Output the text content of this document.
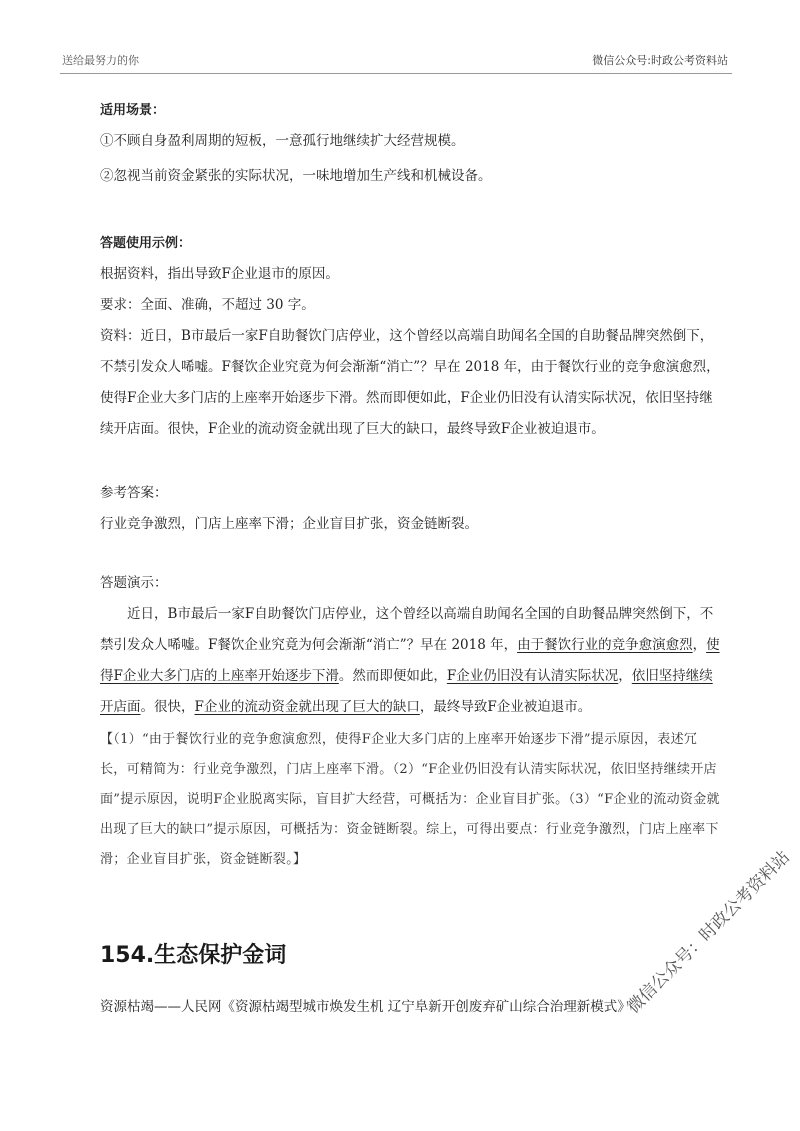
送给最努力的你	微信公众号:时政公考资料站

适用场景：

①不顾自身盈利周期的短板，一意孤行地继续扩大经营规模。

②忽视当前资金紧张的实际状况，一味地增加生产线和机械设备。

答题使用示例：

根据资料，指出导致F企业退市的原因。

要求：全面、准确，不超过 30 字。

资料：近日，B市最后一家F自助餐饮门店停业，这个曾经以高端自助闻名全国的自助餐品牌突然倒下，不禁引发众人唏嘘。F餐饮企业究竟为何会渐渐“消亡”？早在 2018 年，由于餐饮行业的竞争愈演愈烈，使得F企业大多门店的上座率开始逐步下滑。然而即便如此，F企业仍旧没有认清实际状况，依旧坚持继续开店面。很快，F企业的流动资金就出现了巨大的缺口，最终导致F企业被迫退市。

参考答案：

行业竞争激烈，门店上座率下滑；企业盲目扩张，资金链断裂。

答题演示：

近日，B市最后一家F自助餐饮门店停业，这个曾经以高端自助闻名全国的自助餐品牌突然倒下，不禁引发众人唏嘘。F餐饮企业究竟为何会渐渐“消亡”？早在 2018 年，由于餐饮行业的竞争愈演愈烈，使得F企业大多门店的上座率开始逐步下滑。然而即便如此，F企业仍旧没有认清实际状况，依旧坚持继续开店面。很快，F企业的流动资金就出现了巨大的缺口，最终导致F企业被迫退市。

【（1）“由于餐饮行业的竞争愈演愈烈，使得F企业大多门店的上座率开始逐步下滑”提示原因，表述冗长，可精简为：行业竞争激烈，门店上座率下滑。（2）“F企业仍旧没有认清实际状况，依旧坚持继续开店面”提示原因，说明F企业脱离实际，盲目扩大经营，可概括为：企业盲目扩张。（3）“F企业的流动资金就出现了巨大的缺口”提示原因，可概括为：资金链断裂。综上，可得出要点：行业竞争激烈，门店上座率下滑；企业盲目扩张，资金链断裂。】

154.生态保护金词
资源枯竭——人民网《资源枯竭型城市焕发生机 辽宁阜新开创废弃矿山综合治理新模式》
微信公众号：时政公考资料站
